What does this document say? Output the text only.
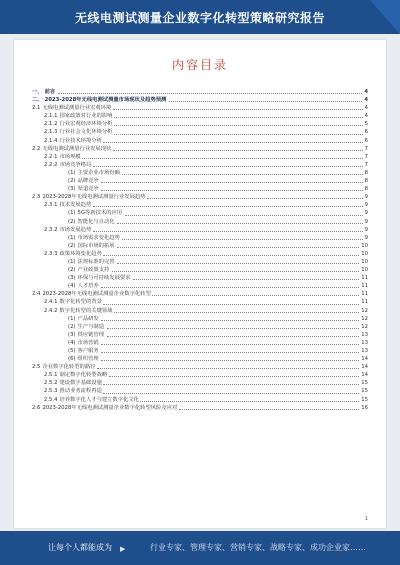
无线电测试测量企业数字化转型策略研究报告
内容目录
一、 前言	4
二、 2023-2028年无线电测试测量市场现状及趋势预测	4
2.1 无线电测试测量行业宏观环境	4
2.1.1 国家政策对行业的影响	4
2.1.2 行业宏观经济环境分析	5
2.1.3 行业社会文化环境分析	6
2.1.4 行业技术环境分析	6
2.2 无线电测试测量行业发展现状	7
2.2.1 市场规模	7
2.2.2 市场竞争格局	7
(1) 主要企业市场份额	8
(2) 品牌竞争	8
(3) 渠道竞争	8
2.3 2023-2028年无线电测试测量行业发展趋势	9
2.3.1 技术发展趋势	9
(1) 5G等新技术的应用	9
(2) 智能化与自动化	9
2.3.2 市场发展趋势	9
(1) 市场需求变化趋势	9
(2) 国际市场的拓展	10
2.3.3 政策环境变化趋势	10
(1) 法规标准的完善	10
(2) 产业政策支持	10
(3) 环保与可持续发展要求	11
(4) 人才培养	11
2.4 2023-2028年无线电测试测量企业数字化转型	11
2.4.1 数字化转型的背景	11
2.4.2 数字化转型的关键领域	12
(1) 产品研发	12
(2) 生产与制造	12
(3) 供应链管理	13
(4) 市场营销	13
(5) 客户服务	13
(6) 组织管理	14
2.5 企业数字化转型的路径	14
2.5.1 制定数字化转型战略	14
2.5.2 建设数字基础设施	15
2.5.3 推动业务流程再造	15
2.5.4 培养数字化人才与建立数字化文化	15
2.6 2023-2028年无线电测试测量企业数字化转型风险及应对	16
1
让每个人都能成为 ▶	行业专家、管理专家、营销专家、战略专家、成功企业家……
